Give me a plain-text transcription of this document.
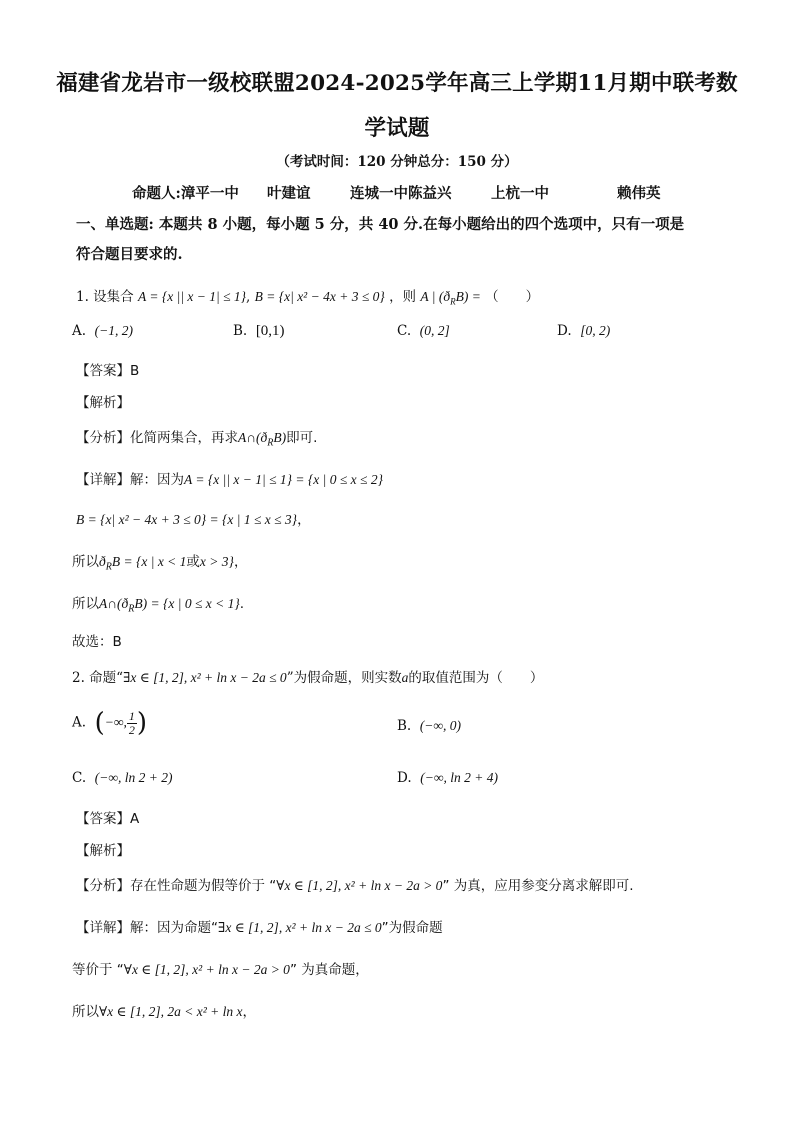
福建省龙岩市一级校联盟2024-2025学年高三上学期11月期中联考数
学试题
（考试时间：120 分钟总分：150 分）
命题人:漳平一中 叶建谊	连城一中陈益兴	上杭一中	赖伟英
一、单选题: 本题共 8 小题，每小题 5 分，共 40 分.在每小题给出的四个选项中，只有一项是
符合题目要求的.
1. 设集合 A = {x || x − 1| ≤ 1}, B = {x| x² − 4x + 3 ≤ 0} ，则 A | $(ð_RB)$ = （　　）
A. (−1, 2)	B. [0,1)	C. (0, 2]	D. [0, 2)
【答案】B
【解析】
【分析】化简两集合，再求$A\cap(ð_RB)$即可.
【详解】解：因为A = {x || x − 1| ≤ 1} = {x | 0 ≤ x ≤ 2}
B = {x| x² − 4x + 3 ≤ 0} = {x | 1 ≤ x ≤ 3}，
所以$ð_RB = \{x$ | x < 1或x > 3}，
所以$A\cap(ð_RB) = \{x$ | 0 ≤ x < 1}.
故选：B
2. 命题“∃x ∈ [1, 2], x² + ln x − 2a ≤ 0”为假命题，则实数a的取值范围为（　　）
A. (−∞, $\frac{1}{2}$ )	B. (−∞, 0)
C. (−∞, ln 2 + 2)	D. (−∞, ln 2 + 4)
【答案】A
【解析】
【分析】存在性命题为假等价于 “∀x ∈ [1, 2], x² + ln x − 2a > 0” 为真，应用参变分离求解即可.
【详解】解：因为命题“∃x ∈ [1, 2], x² + ln x − 2a ≤ 0”为假命题
等价于 “∀x ∈ [1, 2], x² + ln x − 2a > 0” 为真命题，
所以∀x ∈ [1, 2], 2a < x² + ln x，
